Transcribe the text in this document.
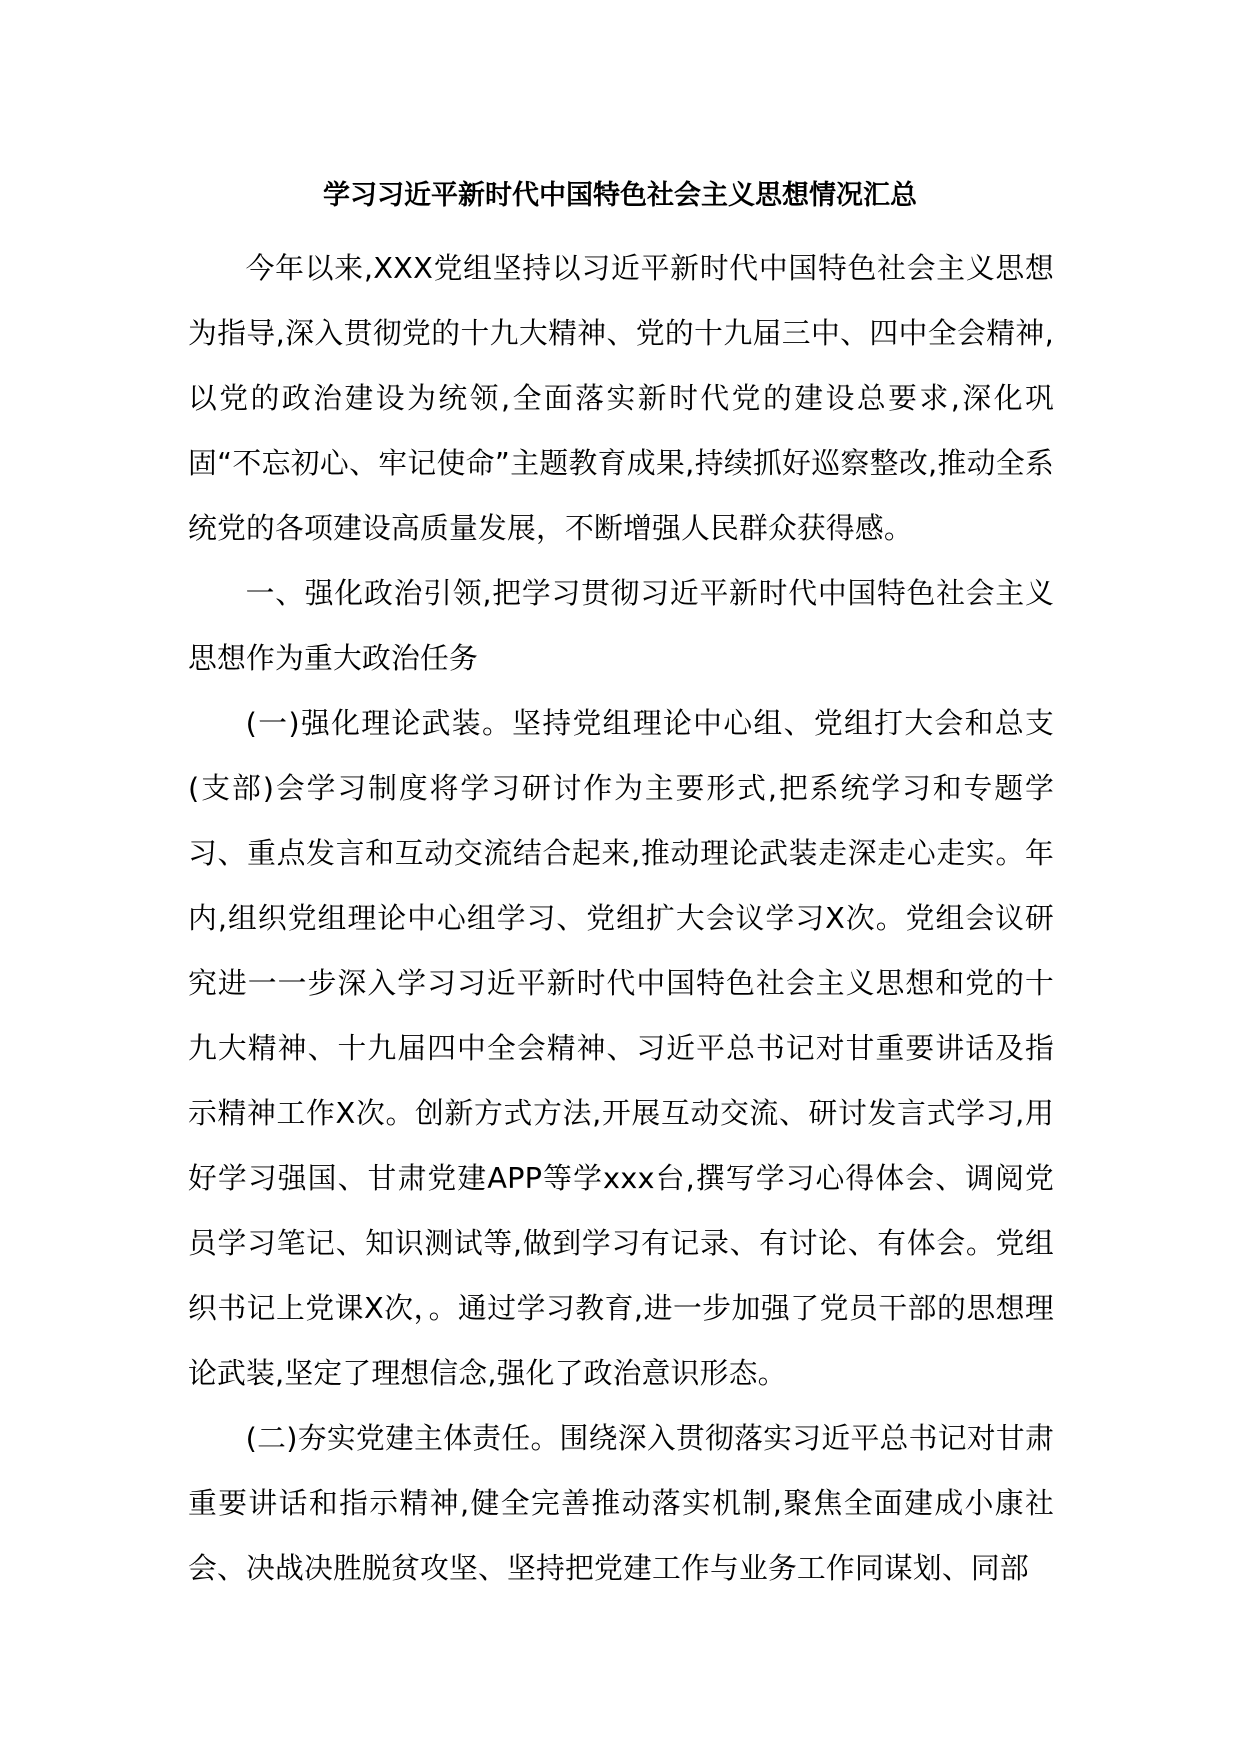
学习习近平新时代中国特色社会主义思想情况汇总

今年以来,XXX党组坚持以习近平新时代中国特色社会主义思想为指导,深入贯彻党的十九大精神、党的十九届三中、四中全会精神,以党的政治建设为统领,全面落实新时代党的建设总要求,深化巩固“不忘初心、牢记使命”主题教育成果,持续抓好巡察整改,推动全系统党的各项建设高质量发展，不断增强人民群众获得感。

一、强化政治引领,把学习贯彻习近平新时代中国特色社会主义思想作为重大政治任务

(一)强化理论武装。坚持党组理论中心组、党组打大会和总支(支部)会学习制度将学习研讨作为主要形式,把系统学习和专题学习、重点发言和互动交流结合起来,推动理论武装走深走心走实。年内,组织党组理论中心组学习、党组扩大会议学习X次。党组会议研究进一一步深入学习习近平新时代中国特色社会主义思想和党的十九大精神、十九届四中全会精神、习近平总书记对甘重要讲话及指示精神工作X次。创新方式方法,开展互动交流、研讨发言式学习,用好学习强国、甘肃党建APP等学xxx台,撰写学习心得体会、调阅党员学习笔记、知识测试等,做到学习有记录、有讨论、有体会。党组织书记上党课X次，。通过学习教育,进一步加强了党员干部的思想理论武装,坚定了理想信念,强化了政治意识形态。

(二)夯实党建主体责任。围绕深入贯彻落实习近平总书记对甘肃重要讲话和指示精神,健全完善推动落实机制,聚焦全面建成小康社会、决战决胜脱贫攻坚、坚持把党建工作与业务工作同谋划、同部
